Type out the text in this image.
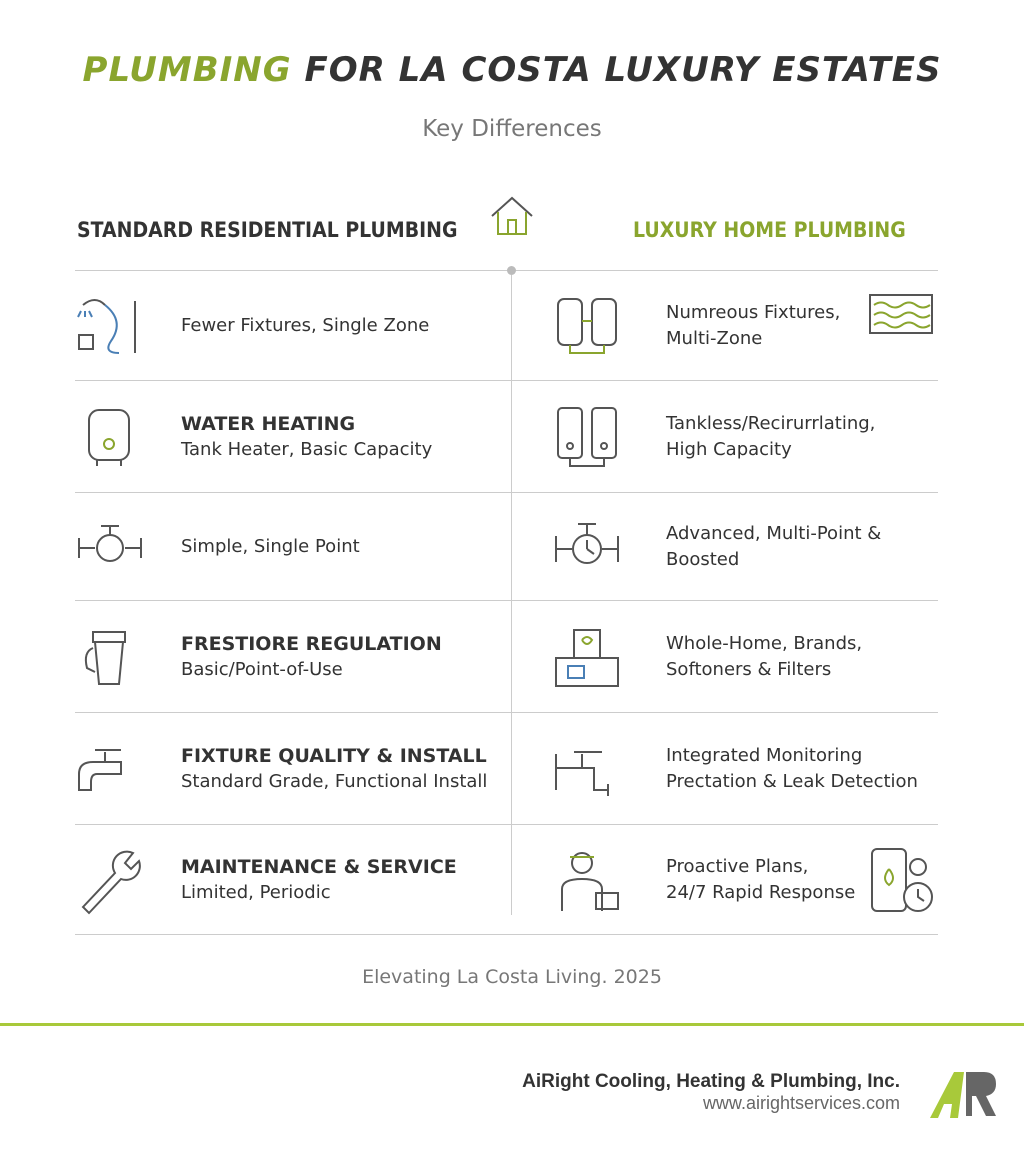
PLUMBING FOR LA COSTA LUXURY ESTATES
Key Differences
STANDARD RESIDENTIAL PLUMBING	LUXURY HOME PLUMBING
Fewer Fixtures, Single Zone
Numreous Fixtures,
Multi-Zone
WATER HEATING
Tank Heater, Basic Capacity
Tankless/Recirurrlating,
High Capacity
Simple, Single Point
Advanced, Multi-Point & Boosted
FRESTIORE REGULATION
Basic/Point-of-Use
Whole-Home, Brands,
Softoners & Filters
FIXTURE QUALITY & INSTALL
Standard Grade, Functional Install
Integrated Monitoring
Prectation & Leak Detection
MAINTENANCE & SERVICE
Limited, Periodic
Proactive Plans,
24/7 Rapid Response
Elevating La Costa Living. 2025
AiRight Cooling, Heating & Plumbing, Inc.
www.airightservices.com
